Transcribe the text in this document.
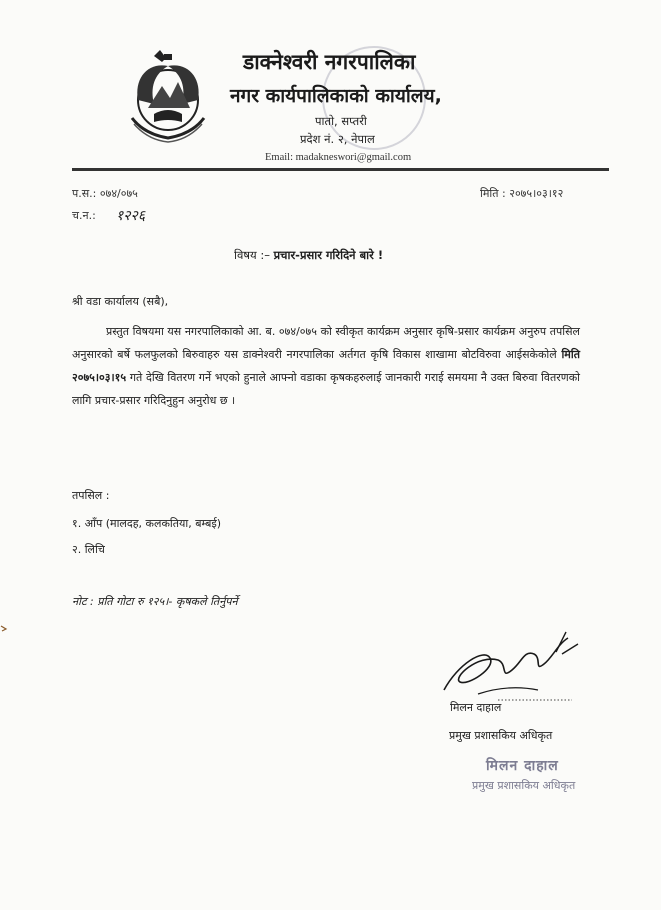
डाक्नेश्वरी नगरपालिका
नगर कार्यपालिकाको कार्यालय,
पातो, सप्तरी
प्रदेश नं. २, नेपाल
Email: madakneswori@gmail.com
प.स.: ०७४/०७५
च.न.: १२२६
मिति : २०७५।०३।१२
विषय :– प्रचार-प्रसार गरिदिने बारे !
श्री वडा कार्यालय (सबै),
प्रस्तुत विषयमा यस नगरपालिकाको आ. ब. ०७४/०७५ को स्वीकृत कार्यक्रम अनुसार कृषि-प्रसार कार्यक्रम अनुरुप तपसिल अनुसारको बर्षे फलफुलको बिरुवाहरु यस डाक्नेश्वरी नगरपालिका अर्तगत कृषि विकास शाखामा बोटविरुवा आईसकेकोले मिति २०७५।०३।१५ गते देखि वितरण गर्ने भएको हुनाले आफ्नो वडाका कृषकहरुलाई जानकारी गराई समयमा नै उक्त बिरुवा वितरणको लागि प्रचार-प्रसार गरिदिनुहुन अनुरोध छ ।
तपसिल :
१. आँप (मालदह, कलकतिया, बम्बई)
२. लिचि
नोट : प्रति गोटा रु १२५।- कृषकले तिर्नुपर्ने
मिलन दाहाल
प्रमुख प्रशासकिय अधिकृत
मिलन दाहाल
प्रमुख प्रशासकिय अधिकृत
